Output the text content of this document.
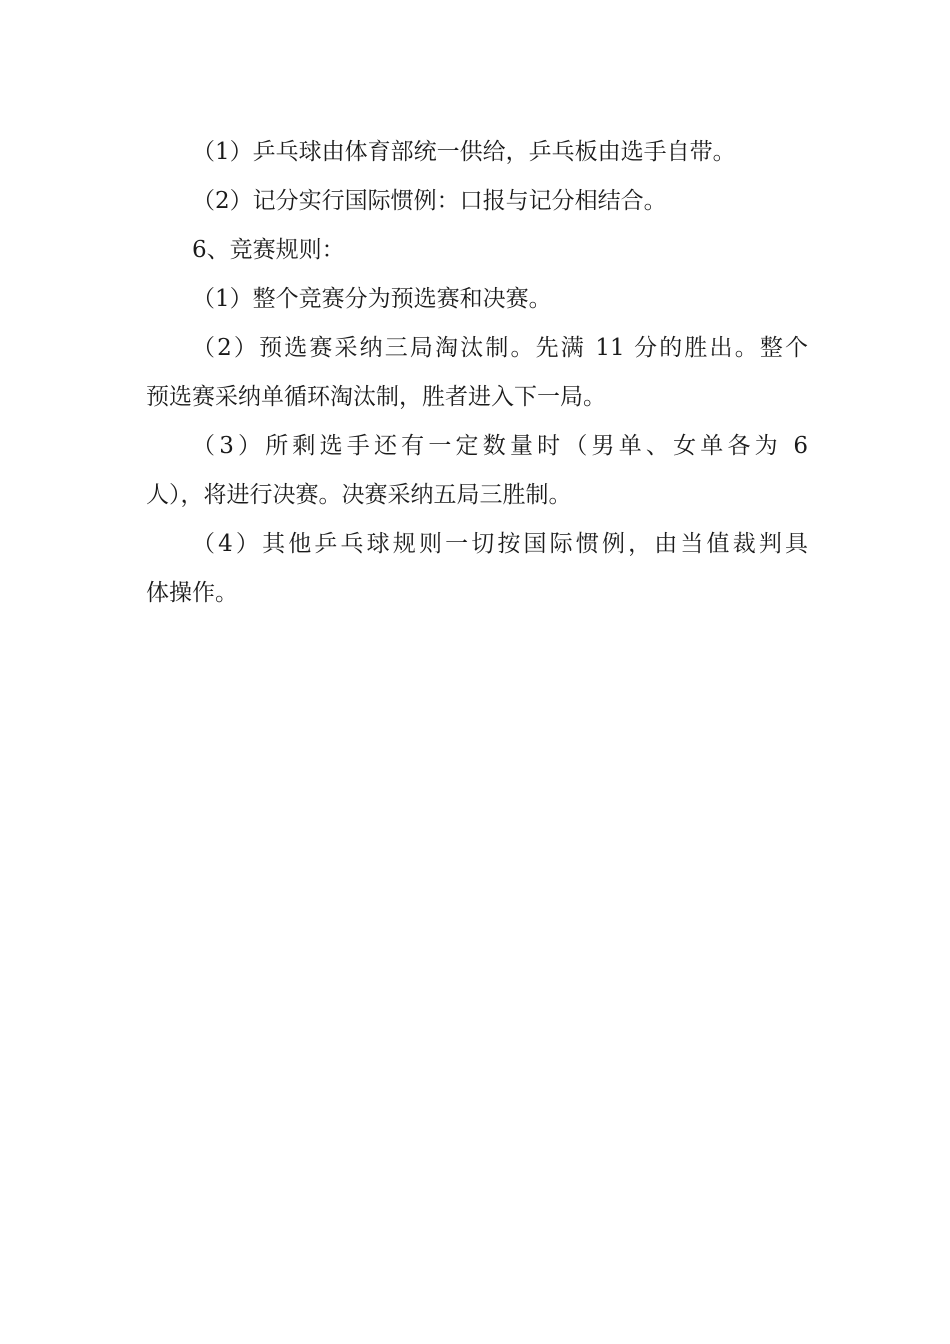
（1）乒乓球由体育部统一供给，乒乓板由选手自带。
（2）记分实行国际惯例：口报与记分相结合。
6、竞赛规则：
（1）整个竞赛分为预选赛和决赛。
（2）预选赛采纳三局淘汰制。先满 11 分的胜出。整个
预选赛采纳单循环淘汰制，胜者进入下一局。
（3）所剩选手还有一定数量时（男单、女单各为 6
人），将进行决赛。决赛采纳五局三胜制。
（4）其他乒乓球规则一切按国际惯例，由当值裁判具
体操作。
